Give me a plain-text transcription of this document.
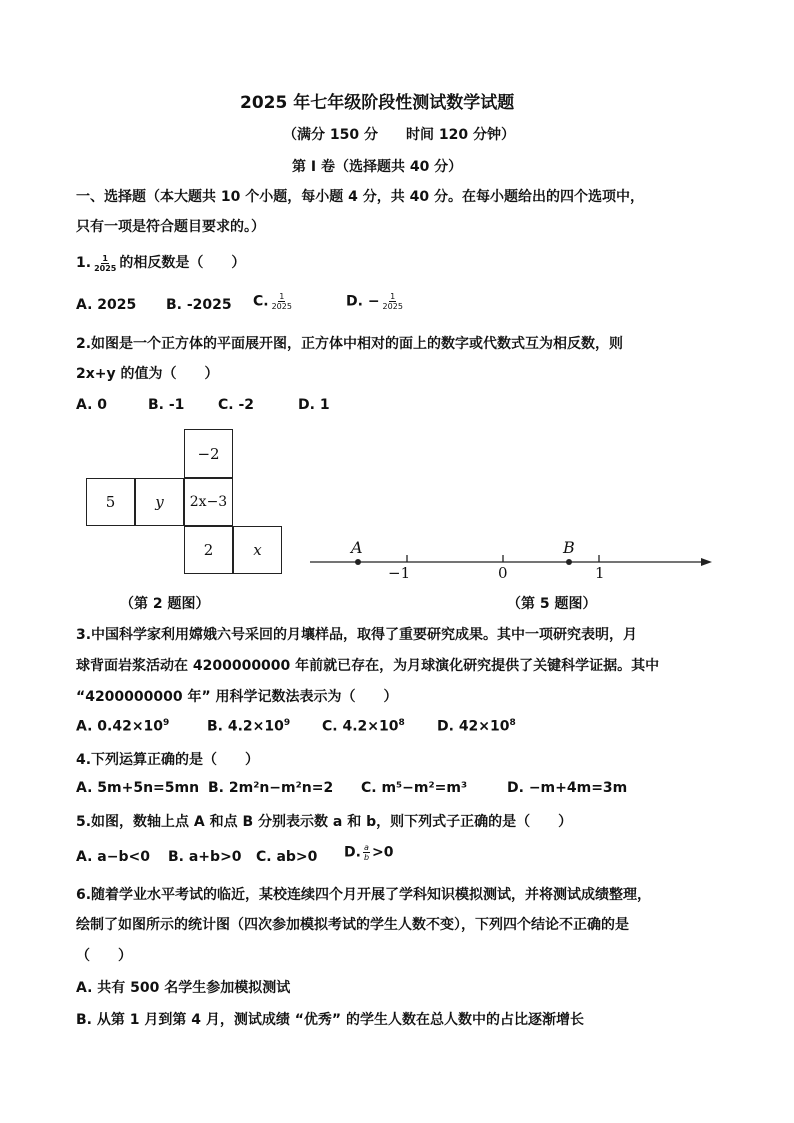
2025 年七年级阶段性测试数学试题
（满分 150 分　　时间 120 分钟）
第 Ⅰ 卷（选择题共 40 分）
一、选择题（本大题共 10 个小题，每小题 4 分，共 40 分。在每小题给出的四个选项中，
只有一项是符合题目要求的。）
1. $\frac{1}{2025}$ 的相反数是（　　）
A. 2025 B. -2025 C. $\frac{1}{2025}$	D. − $\frac{1}{2025}$
2.如图是一个正方体的平面展开图，正方体中相对的面上的数字或代数式互为相反数，则
2x+y 的值为（　　）
A. 0	B. -1 C. -2	D. 1
−2
5	y	2x−3
2	x
（第 2 题图）
A	B
−1	0	1
（第 5 题图）
3.中国科学家利用嫦娥六号采回的月壤样品，取得了重要研究成果。其中一项研究表明，月
球背面岩浆活动在 4200000000 年前就已存在，为月球演化研究提供了关键科学证据。其中
“4200000000 年” 用科学记数法表示为（　　）
A. $0.42\times 10^9$	B. $4.2\times 10^9$ C. $4.2\times 10^8$ D. $42\times 10^8$
4.下列运算正确的是（　　）
A. 5m+5n=5mn B. 2m²n−m²n=2 C. m⁵−m²=m³	D. −m+4m=3m
5.如图，数轴上点 A 和点 B 分别表示数 a 和 b，则下列式子正确的是（　　）
A. a−b<0 B. a+b>0 C. ab>0 D. $\frac{a}{b} >0$
6.随着学业水平考试的临近，某校连续四个月开展了学科知识模拟测试，并将测试成绩整理，
绘制了如图所示的统计图（四次参加模拟考试的学生人数不变），下列四个结论不正确的是
（　　）
A. 共有 500 名学生参加模拟测试
B. 从第 1 月到第 4 月，测试成绩 “优秀” 的学生人数在总人数中的占比逐渐增长
